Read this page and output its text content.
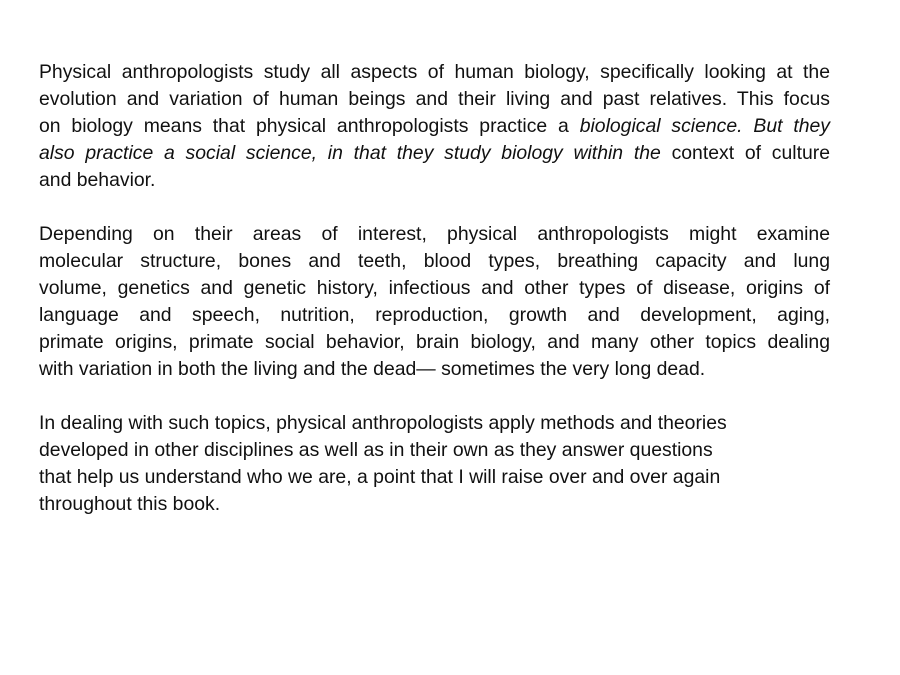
Physical anthropologists study all aspects of human biology, specifically looking at the
evolution and variation of human beings and their living and past relatives. This focus
on biology means that physical anthropologists practice a biological science. But they
also practice a social science, in that they study biology within the context of culture
and behavior.
Depending on their areas of interest, physical anthropologists might examine
molecular structure, bones and teeth, blood types, breathing capacity and lung
volume, genetics and genetic history, infectious and other types of disease, origins of
language and speech, nutrition, reproduction, growth and development, aging,
primate origins, primate social behavior, brain biology, and many other topics dealing
with variation in both the living and the dead— sometimes the very long dead.
In dealing with such topics, physical anthropologists apply methods and theories
developed in other disciplines as well as in their own as they answer questions
that help us understand who we are, a point that I will raise over and over again
throughout this book.
